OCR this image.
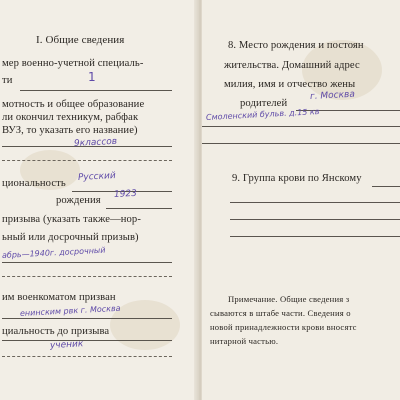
I. Общие сведения
мер военно-учетной специаль-
ти	1
мотность и общее образование
ли окончил техникум, рабфак
ВУЗ, то указать его название)
9классов
циональность
Русский
рождения
1923
призыва (указать также—нор-
ьный или досрочный призыв)
абрь—1940г. досрочный
им военкоматом призван
енинским рвк г. Москва
циальность до призыва
ученик
8. Место рождения и постоян
жительства. Домашний адрес
милия, имя и отчество жены
родителей
г. Москва
Смоленский бульв. д.15 кв
9. Группа крови по Янскому
Примечание. Общие сведения з
сываются в штабе части. Сведения о
новой принадлежности крови вносятс
нитарной частью.
